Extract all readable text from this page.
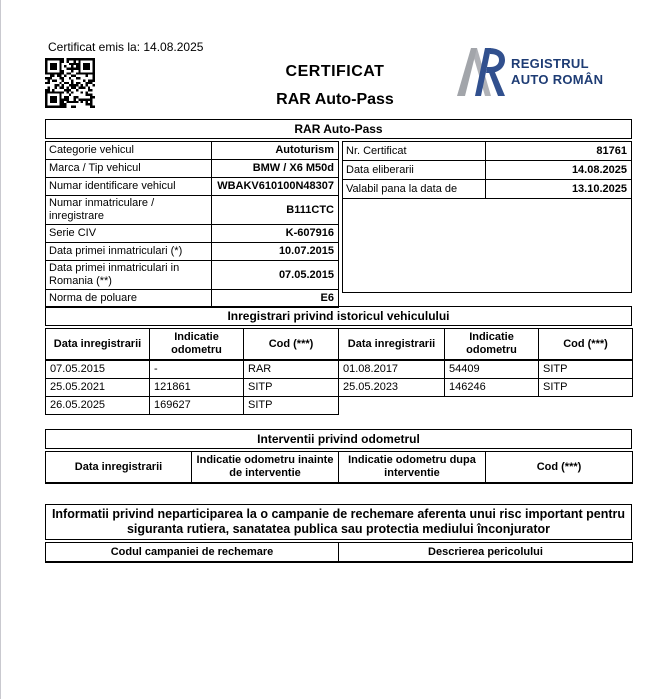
Certificat emis la: 14.08.2025
CERTIFICAT
RAR Auto-Pass
REGISTRUL
AUTO ROMÂN
RAR Auto-Pass
Categorie vehicul	Autoturism
Marca / Tip vehicul	BMW / X6 M50d
Numar identificare vehicul	WBAKV610100N48307
Numar inmatriculare / inregistrare	B111CTC
Serie CIV	K-607916
Data primei inmatriculari (*)	10.07.2015
Data primei inmatriculari in Romania (**)	07.05.2015
Norma de poluare	E6
Nr. Certificat	81761
Data eliberarii	14.08.2025
Valabil pana la data de	13.10.2025
Inregistrari privind istoricul vehiculului
Data inregistrarii	Indicatie odometru	Cod (***)	Data inregistrarii	Indicatie odometru	Cod (***)
07.05.2015	-	RAR	01.08.2017	54409	SITP
25.05.2021	121861	SITP	25.05.2023	146246	SITP
26.05.2025	169627	SITP			
Interventii privind odometrul
Data inregistrarii	Indicatie odometru inainte de interventie	Indicatie odometru dupa interventie	Cod (***)
Informatii privind neparticiparea la o campanie de rechemare aferenta unui risc important pentru siguranta rutiera, sanatatea publica sau protectia mediului înconjurator
Codul campaniei de rechemare	Descrierea pericolului
